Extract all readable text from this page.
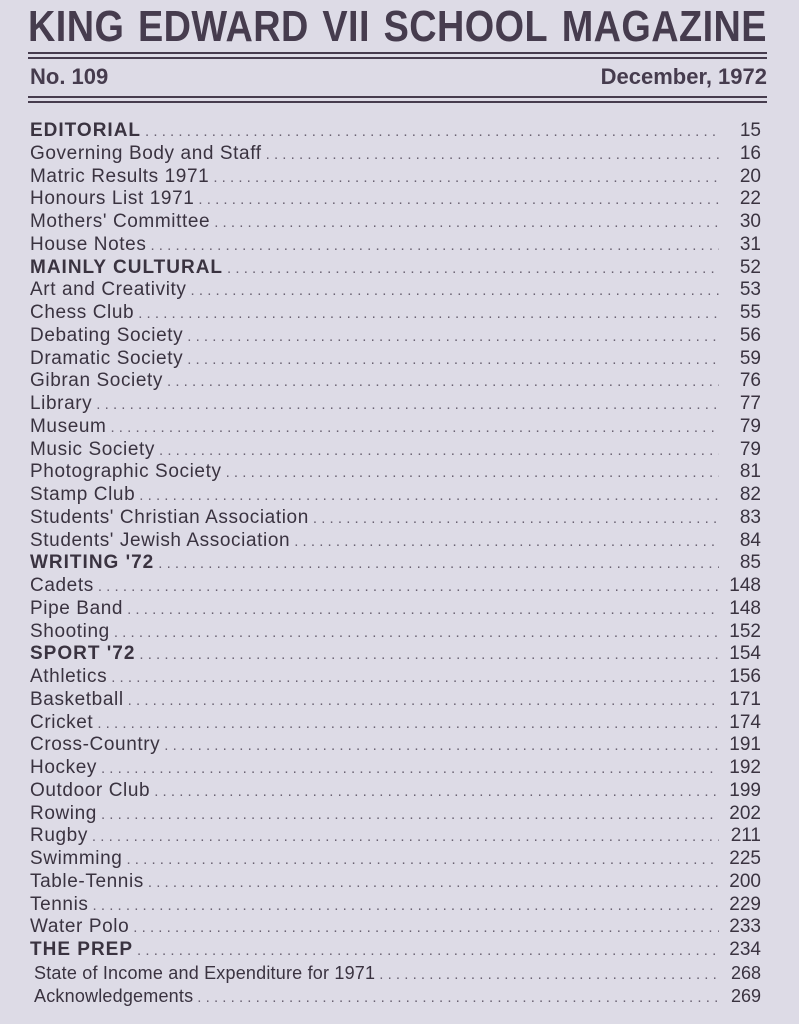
KING EDWARD VII SCHOOL MAGAZINE
No. 109	December, 1972
EDITORIAL . . .	15
Governing Body and Staff . . .	16
Matric Results 1971 . . .	20
Honours List 1971 . . .	22
Mothers' Committee . . .	30
House Notes . . .	31
MAINLY CULTURAL . . .	52
Art and Creativity . . .	53
Chess Club . . .	55
Debating Society . . .	56
Dramatic Society . . .	59
Gibran Society . . .	76
Library . . .	77
Museum . . .	79
Music Society . . .	79
Photographic Society . . .	81
Stamp Club . . .	82
Students' Christian Association . . .	83
Students' Jewish Association . . .	84
WRITING '72 . . .	85
Cadets . . .	148
Pipe Band . . .	148
Shooting . . .	152
SPORT '72 . . .	154
Athletics . . .	156
Basketball . . .	171
Cricket . . .	174
Cross-Country . . .	191
Hockey . . .	192
Outdoor Club . . .	199
Rowing . . .	202
Rugby . . .	211
Swimming . . .	225
Table-Tennis . . .	200
Tennis . . .	229
Water Polo . . .	233
THE PREP . . .	234
State of Income and Expenditure for 1971 . . .	268
Acknowledgements . . .	269
